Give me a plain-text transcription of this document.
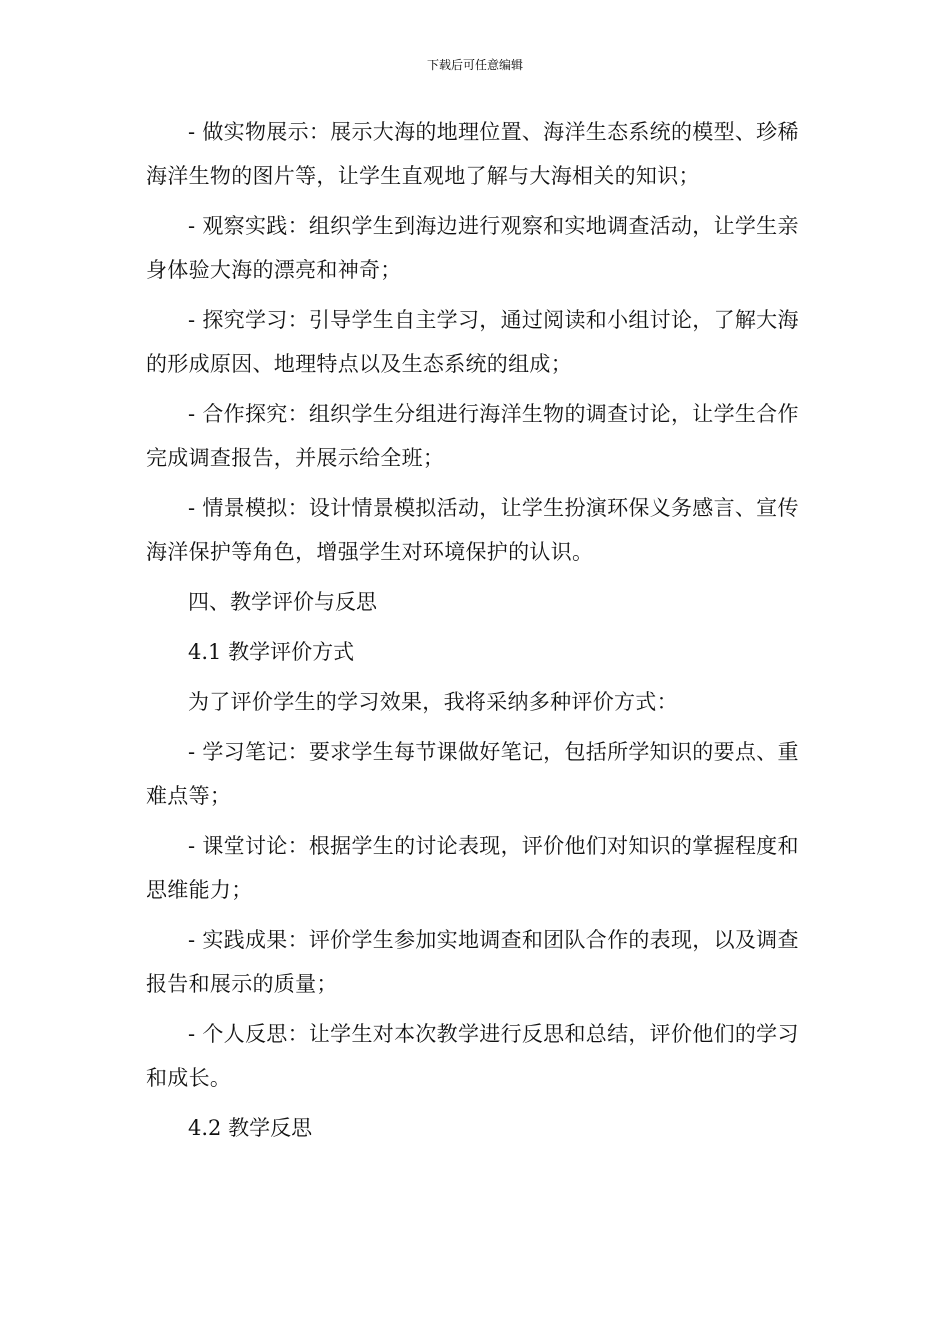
下载后可任意编辑

- 做实物展示：展示大海的地理位置、海洋生态系统的模型、珍稀海洋生物的图片等，让学生直观地了解与大海相关的知识；

- 观察实践：组织学生到海边进行观察和实地调查活动，让学生亲身体验大海的漂亮和神奇；

- 探究学习：引导学生自主学习，通过阅读和小组讨论，了解大海的形成原因、地理特点以及生态系统的组成；

- 合作探究：组织学生分组进行海洋生物的调查讨论，让学生合作完成调查报告，并展示给全班；

- 情景模拟：设计情景模拟活动，让学生扮演环保义务感言、宣传海洋保护等角色，增强学生对环境保护的认识。

四、教学评价与反思

4.1 教学评价方式

为了评价学生的学习效果，我将采纳多种评价方式：

- 学习笔记：要求学生每节课做好笔记，包括所学知识的要点、重难点等；

- 课堂讨论：根据学生的讨论表现，评价他们对知识的掌握程度和思维能力；

- 实践成果：评价学生参加实地调查和团队合作的表现，以及调查报告和展示的质量；

- 个人反思：让学生对本次教学进行反思和总结，评价他们的学习和成长。

4.2 教学反思
